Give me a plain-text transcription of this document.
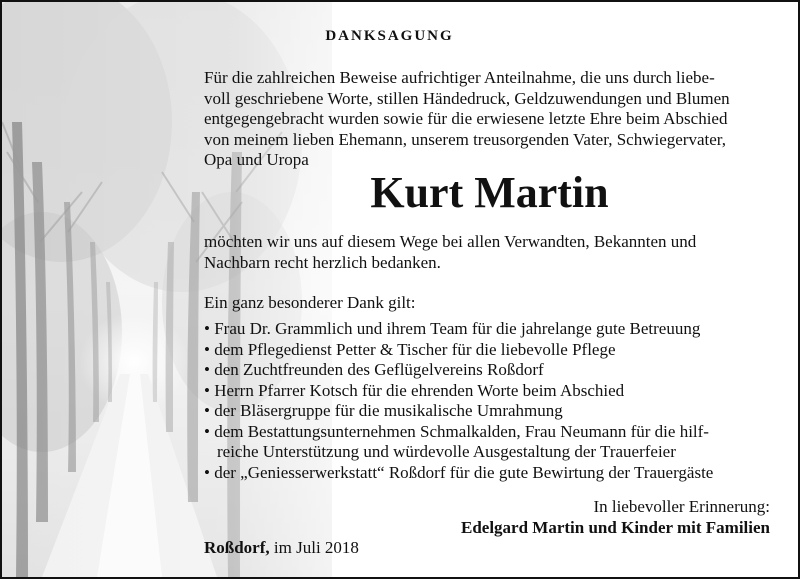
DANKSAGUNG
Für die zahlreichen Beweise aufrichtiger Anteilnahme, die uns durch liebe-
voll geschriebene Worte, stillen Händedruck, Geldzuwendungen und Blumen
entgegengebracht wurden sowie für die erwiesene letzte Ehre beim Abschied
von meinem lieben Ehemann, unserem treusorgenden Vater, Schwiegervater,
Opa und Uropa
Kurt Martin
möchten wir uns auf diesem Wege bei allen Verwandten, Bekannten und
Nachbarn recht herzlich bedanken.
Ein ganz besonderer Dank gilt:
• Frau Dr. Grammlich und ihrem Team für die jahrelange gute Betreuung
• dem Pflegedienst Petter & Tischer für die liebevolle Pflege
• den Zuchtfreunden des Geflügelvereins Roßdorf
• Herrn Pfarrer Kotsch für die ehrenden Worte beim Abschied
• der Bläsergruppe für die musikalische Umrahmung
• dem Bestattungsunternehmen Schmalkalden, Frau Neumann für die hilf-
reiche Unterstützung und würdevolle Ausgestaltung der Trauerfeier
• der „Geniesserwerkstatt“ Roßdorf für die gute Bewirtung der Trauergäste
In liebevoller Erinnerung:
Edelgard Martin und Kinder mit Familien
Roßdorf, im Juli 2018
